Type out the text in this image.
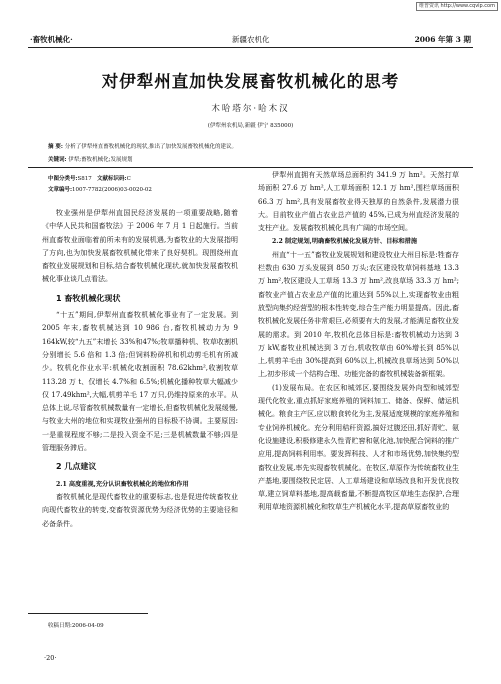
维普资讯 http://www.cqvip.com
·畜牧机械化·	新疆农机化	2006 年第 3 期
对伊犁州直加快发展畜牧机械化的思考
木哈塔尔·哈木汉
(伊犁州农机局,新疆 伊宁 835000)
摘 要: 分析了伊犁州直畜牧机械化的现状,推出了加快发展畜牧机械化的建议。
关键词: 伊犁;畜牧机械化;发展规划
中图分类号:S817 文献标识码:C
文章编号:1007-7782(2006)03-0020-02

牧业强州是伊犁州直国民经济发展的一项重要战略,随着《中华人民共和国畜牧法》于 2006 年 7 月 1 日起施行。当前州直畜牧业面临着前所未有的发展机遇,为畜牧业的大发展指明了方向,也为加快发展畜牧机械化带来了良好契机。现围绕州直畜牧业发展规划和目标,结合畜牧机械化现状,就加快发展畜牧机械化事业谈几点看法。

1 畜牧机械化现状

“十五”期间,伊犁州直畜牧机械化事业有了一定发展。到 2005 年末,畜牧机械达到 10 986 台,畜牧机械动力为 9 164kW,较“九五”末增长 33%和47%;牧草播种机、牧草收割机分别增长 5.6 倍和 1.3 倍;但饲料粉碎机和机动剪毛机有所减少。牧机化作业水平:机械化收割面积 78.62khm²,收割牧草 113.28 万 t、仅增长 4.7%和 6.5%;机械化播种牧草大幅减少仅 17.49khm²,大幅,机剪羊毛 17 万只,仍维持原来的水平。从总体上说,尽管畜牧机械数量有一定增长,但畜牧机械化发展缓慢,与牧业大州的地位和实现牧业强州的目标极不协调。主要原因:一是重视程度不够;二是投入资金不足;三是机械数量不够;四是管理服务滞后。

2 几点建议

2.1 高度重视,充分认识畜牧机械化的地位和作用

畜牧机械化是现代畜牧业的重要标志,也是促进传统畜牧业向现代畜牧业的转变,变畜牧资源优势为经济优势的主要途径和必备条件。

收稿日期:2006-04-09
·20·

伊犁州直拥有天然草场总面积约 341.9 万 hm²。天然打草场面积 27.6 万 hm²,人工草场面积 12.1 万 hm²,围栏草场面积 66.3 万 hm²,具有发展畜牧业得天独厚的自然条件,发展潜力很大。目前牧业产值占农业总产值的 45%,已成为州直经济发展的支柱产业。发展畜牧机械化具有广阔的市场空间。

2.2 制定规划,明确畜牧机械化发展方针、目标和措施

州直“十一五”畜牧业发展规划和建设牧业大州目标是:牲畜存栏数由 630 万头发展到 850 万头;农区建设牧草饲料基地 13.3 万 hm²,牧区建设人工草场 13.3 万 hm²,改良草场 33.3 万 hm²;畜牧业产值占农业总产值的比重达到 55%以上,实现畜牧业由粗放型向集约经营型的根本性转变,综合生产能力明显提高。因此,畜牧机械化发展任务非常艰巨,必须要有大的发展,才能满足畜牧业发展的需求。到 2010 年,牧机化总体目标是:畜牧机械动力达到 3 万 kW,畜牧业机械达到 3 万台,机收牧草由 60%增长到 85%以上,机剪羊毛由 30%提高到 60%以上,机械改良草场达到 50%以上,初步形成一个结构合理、功能完备的畜牧机械装备新框架。

(1)发展布局。在农区和城郊区,要围绕发展外向型和城郊型现代化牧业,重点抓好家庭养殖的饲料加工、储备、保鲜、储运机械化。粮食主产区,应以粮食转化为主,发展适度规模的家庭养殖和专业饲养机械化。充分利用秸秆资源,搞好过腹还田,抓好青贮、氨化设施建设,积极修建永久性青贮窖和氨化池,加快配合饲料的推广应用,提高饲料利用率。要发挥科技、人才和市场优势,加快集约型畜牧业发展,率先实现畜牧机械化。在牧区,草原作为传统畜牧业生产基地,要围绕牧民定居、人工草场建设和草场改良和开发优良牧草,建立饲草料基地,提高载畜量,不断提高牧区草地生态保护,合理利用草地资源机械化和牧草生产机械化水平,提高草原畜牧业的
